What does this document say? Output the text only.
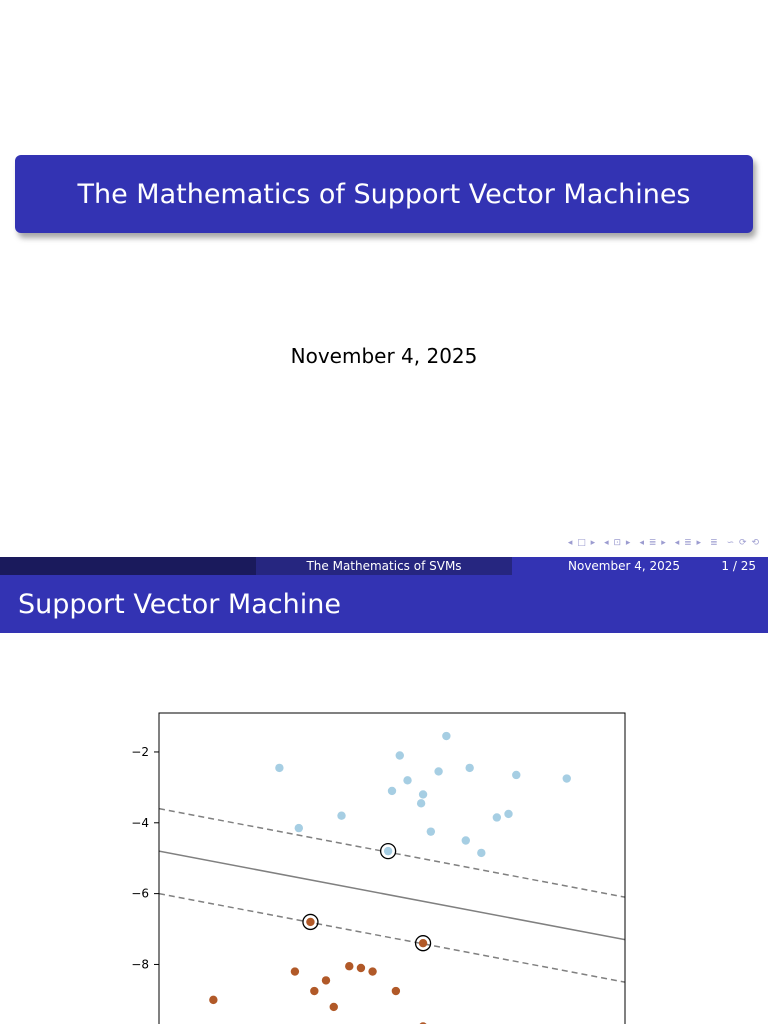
The Mathematics of Support Vector Machines
November 4, 2025
◂ □ ▸ ◂ ⊡ ▸ ◂ ≣ ▸ ◂ ≣ ▸ ≣ ∽ ⟳ ⟲
The Mathematics of SVMs	November 4, 2025	1 / 25
Support Vector Machine
−2
−4
−6
−8
